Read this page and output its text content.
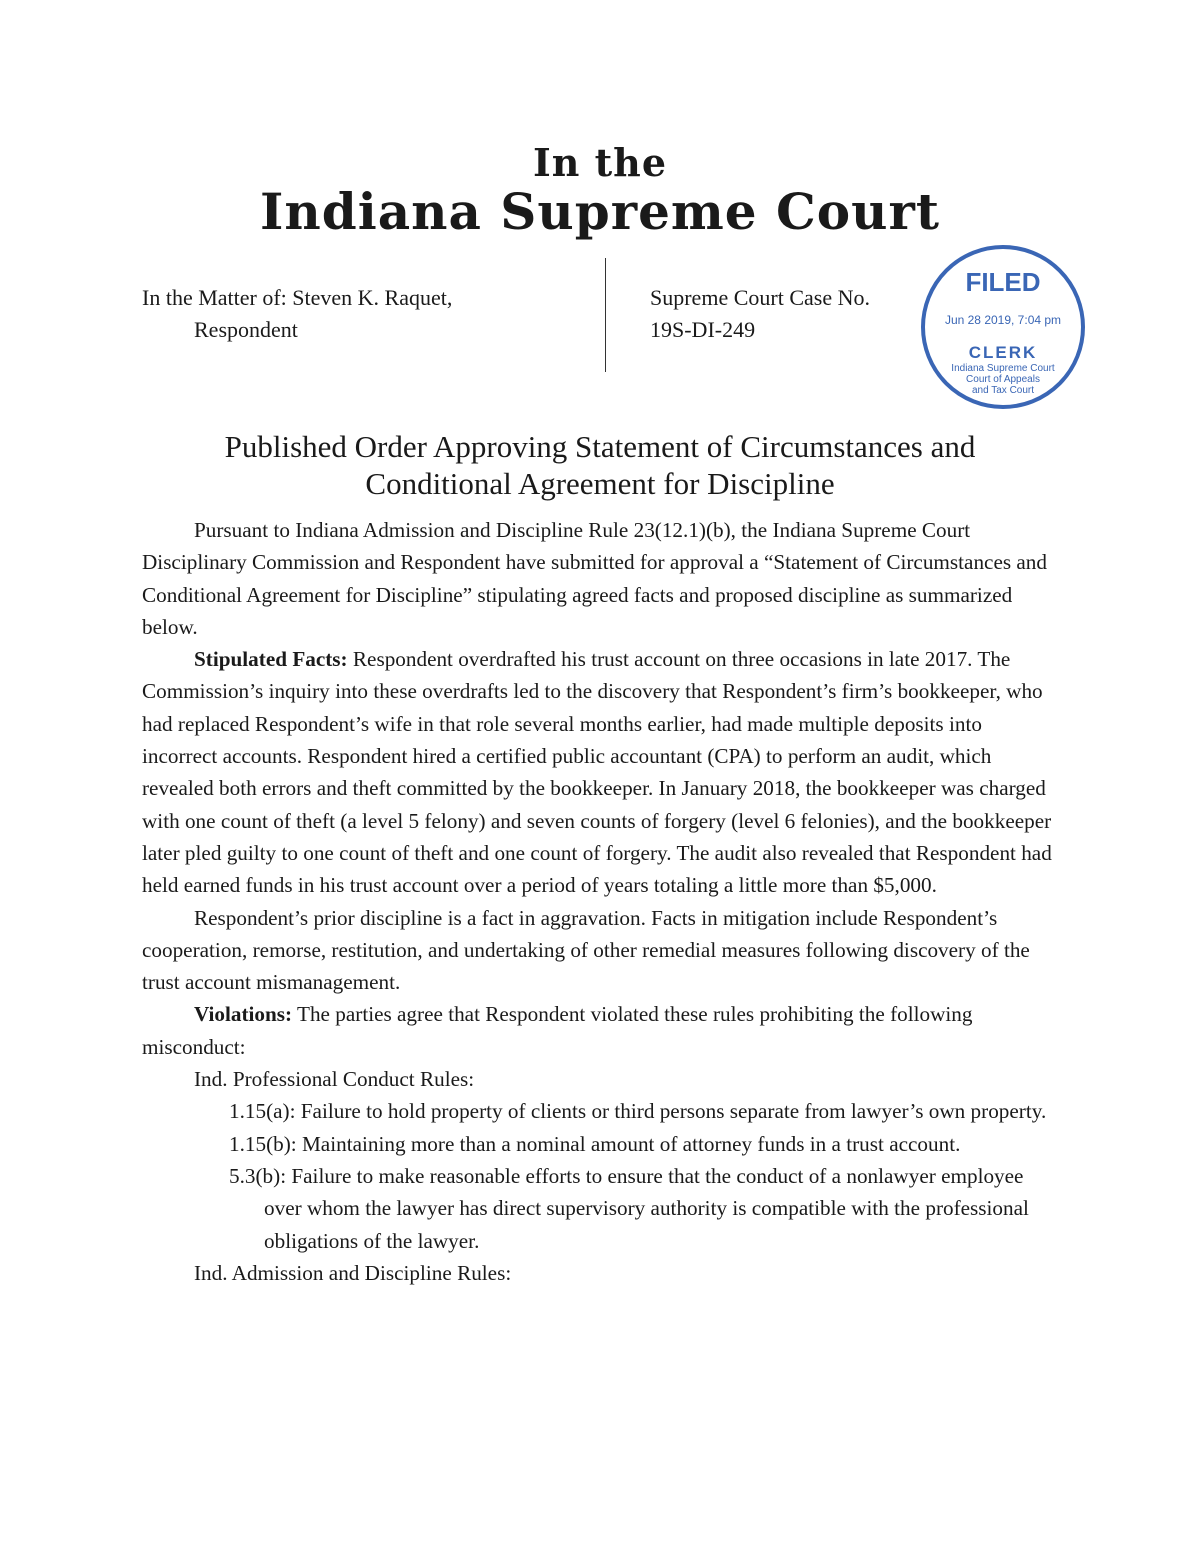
In the
Indiana Supreme Court
In the Matter of: Steven K. Raquet,
Respondent
Supreme Court Case No.
19S-DI-249
FILED
Jun 28 2019, 7:04 pm
CLERK
Indiana Supreme Court
Court of Appeals
and Tax Court
Published Order Approving Statement of Circumstances and
Conditional Agreement for Discipline

Pursuant to Indiana Admission and Discipline Rule 23(12.1)(b), the Indiana Supreme Court Disciplinary Commission and Respondent have submitted for approval a “Statement of Circumstances and Conditional Agreement for Discipline” stipulating agreed facts and proposed discipline as summarized below.

Stipulated Facts: Respondent overdrafted his trust account on three occasions in late 2017. The Commission’s inquiry into these overdrafts led to the discovery that Respondent’s firm’s bookkeeper, who had replaced Respondent’s wife in that role several months earlier, had made multiple deposits into incorrect accounts. Respondent hired a certified public accountant (CPA) to perform an audit, which revealed both errors and theft committed by the bookkeeper. In January 2018, the bookkeeper was charged with one count of theft (a level 5 felony) and seven counts of forgery (level 6 felonies), and the bookkeeper later pled guilty to one count of theft and one count of forgery. The audit also revealed that Respondent had held earned funds in his trust account over a period of years totaling a little more than $5,000.

Respondent’s prior discipline is a fact in aggravation. Facts in mitigation include Respondent’s cooperation, remorse, restitution, and undertaking of other remedial measures following discovery of the trust account mismanagement.

Violations: The parties agree that Respondent violated these rules prohibiting the following misconduct:

Ind. Professional Conduct Rules:
1.15(a): Failure to hold property of clients or third persons separate from lawyer’s own property.
1.15(b): Maintaining more than a nominal amount of attorney funds in a trust account.
5.3(b): Failure to make reasonable efforts to ensure that the conduct of a nonlawyer employee over whom the lawyer has direct supervisory authority is compatible with the professional obligations of the lawyer.
Ind. Admission and Discipline Rules:
